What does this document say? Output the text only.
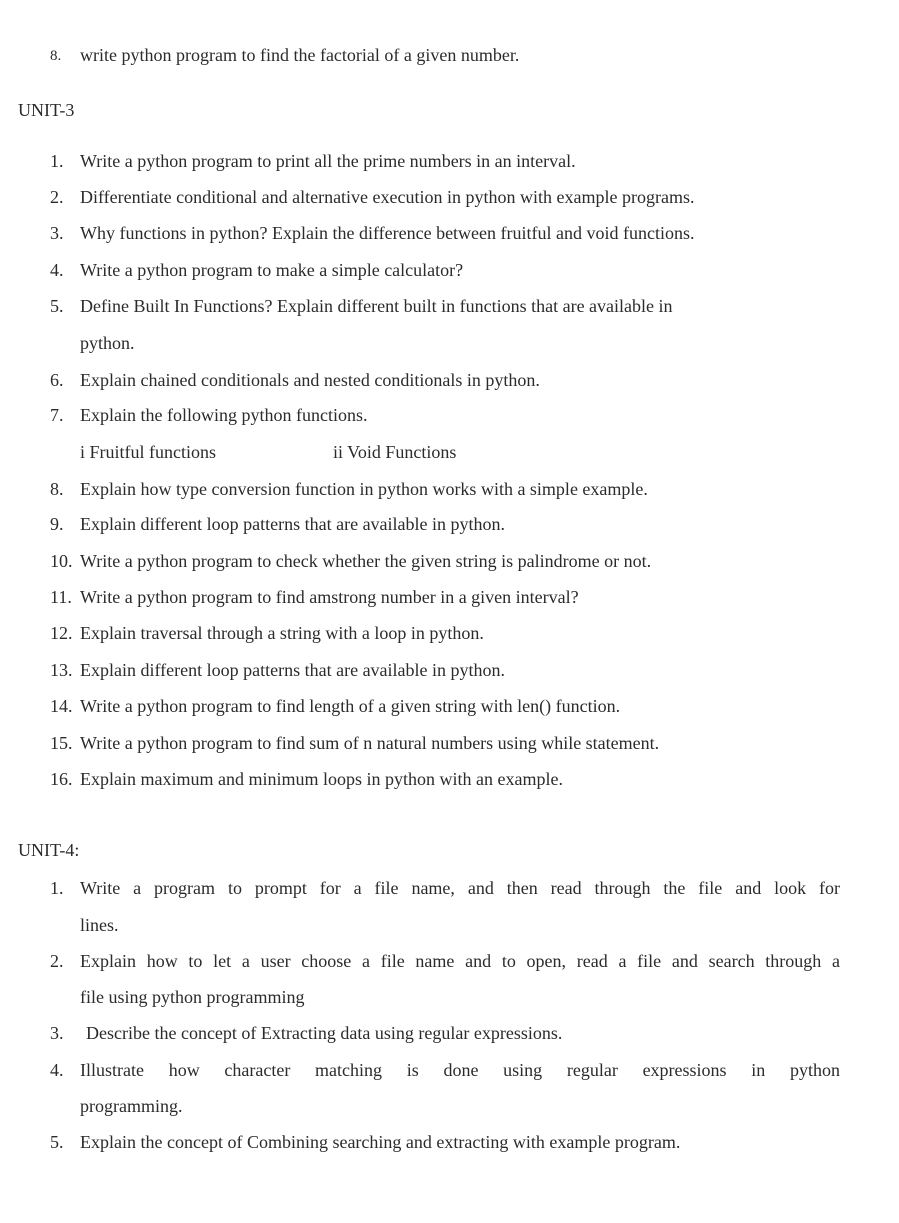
8. write python program to find the factorial of a given number.
UNIT-3
1. Write a python program to print all the prime numbers in an interval.
2. Differentiate conditional and alternative execution in python with example programs.
3. Why functions in python? Explain the difference between fruitful and void functions.
4. Write a python program to make a simple calculator?
5. Define Built In Functions? Explain different built in functions that are available in
python.
6. Explain chained conditionals and nested conditionals in python.
7. Explain the following python functions.
i Fruitful functions	ii Void Functions
8. Explain how type conversion function in python works with a simple example.
9. Explain different loop patterns that are available in python.
10. Write a python program to check whether the given string is palindrome or not.
11. Write a python program to find amstrong number in a given interval?
12. Explain traversal through a string with a loop in python.
13. Explain different loop patterns that are available in python.
14. Write a python program to find length of a given string with len() function.
15. Write a python program to find sum of n natural numbers using while statement.
16. Explain maximum and minimum loops in python with an example.
UNIT-4:
1. Write a program to prompt for a file name, and then read through the file and look for
lines.
2. Explain how to let a user choose a file name and to open, read a file and search through a
file using python programming
3. Describe the concept of Extracting data using regular expressions.
4. Illustrate how character matching is done using regular expressions in python
programming.
5. Explain the concept of Combining searching and extracting with example program.
